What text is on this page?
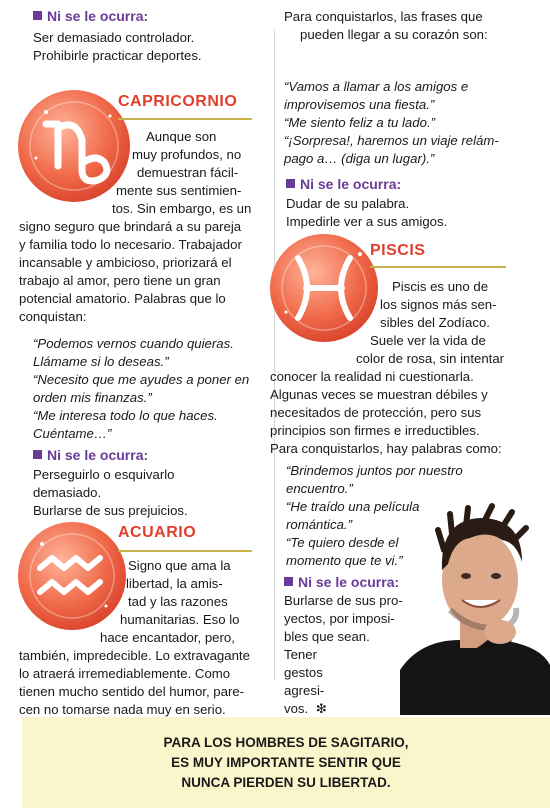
Ni se le ocurra:
Ser demasiado controlador.
Prohibirle practicar deportes.
CAPRICORNIO
Aunque son
muy profundos, no
demuestran fácil-
mente sus sentimien-
tos. Sin embargo, es un
signo seguro que brindará a su pareja
y familia todo lo necesario. Trabajador
incansable y ambicioso, priorizará el
trabajo al amor, pero tiene un gran
potencial amatorio. Palabras que lo
conquistan:
“Podemos vernos cuando quieras.
Llámame si lo deseas.”
“Necesito que me ayudes a poner en
orden mis finanzas.”
“Me interesa todo lo que haces.
Cuéntame…”
Ni se le ocurra:
Perseguirlo o esquivarlo
demasiado.
Burlarse de sus prejuicios.
ACUARIO
Signo que ama la
libertad, la amis-
tad y las razones
humanitarias. Eso lo
hace encantador, pero,
también, impredecible. Lo extravagante
lo atraerá irremediablemente. Como
tienen mucho sentido del humor, pare-
cen no tomarse nada muy en serio.
Para conquistarlos, las frases que
pueden llegar a su corazón son:
“Vamos a llamar a los amigos e
improvisemos una fiesta.”
“Me siento feliz a tu lado.”
“¡Sorpresa!, haremos un viaje relám-
pago a… (diga un lugar).”
Ni se le ocurra:
Dudar de su palabra.
Impedirle ver a sus amigos.
PISCIS
Piscis es uno de
los signos más sen-
sibles del Zodíaco.
Suele ver la vida de
color de rosa, sin intentar
conocer la realidad ni cuestionarla.
Algunas veces se muestran débiles y
necesitados de protección, pero sus
principios son firmes e irreductibles.
Para conquistarlos, hay palabras como:
“Brindemos juntos por nuestro
encuentro.”
“He traído una película
romántica.”
“Te quiero desde el
momento que te vi.”
Ni se le ocurra:
Burlarse de sus pro-
yectos, por imposi-
bles que sean.
Tener
gestos
agresi-
vos. ❇
PARA LOS HOMBRES DE SAGITARIO,
ES MUY IMPORTANTE SENTIR QUE
NUNCA PIERDEN SU LIBERTAD.
